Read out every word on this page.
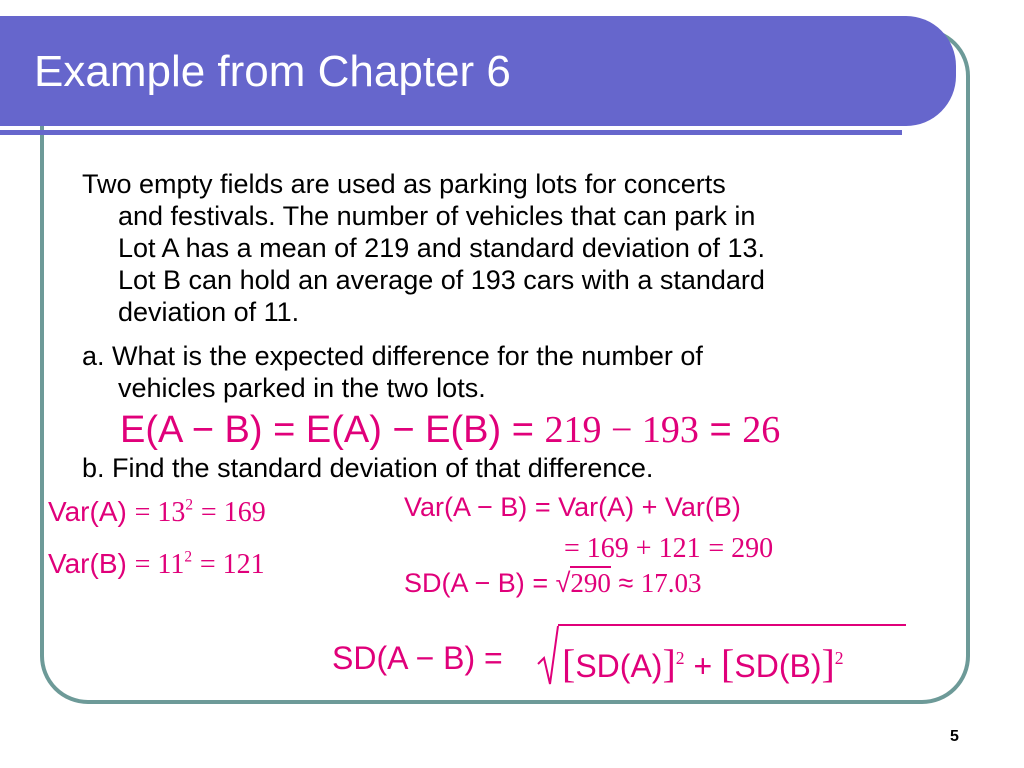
Example from Chapter 6

Two empty fields are used as parking lots for concerts
and festivals. The number of vehicles that can park in
Lot A has a mean of 219 and standard deviation of 13.
Lot B can hold an average of 193 cars with a standard
deviation of 11.

a. What is the expected difference for the number of
vehicles parked in the two lots.

E(A − B) = E(A) − E(B) = 219 − 193 = 26

b. Find the standard deviation of that difference.

$Var(A) = 13^2 = 169$
$Var(B) = 11^2 = 121$
Var(A − B) = Var(A) + Var(B)
= 169 + 121 = 290
SD(A − B) = √290 ≈ 17.03
$SD(A - B) = [SD(A)]^2 + [SD(B)]^2$
5
